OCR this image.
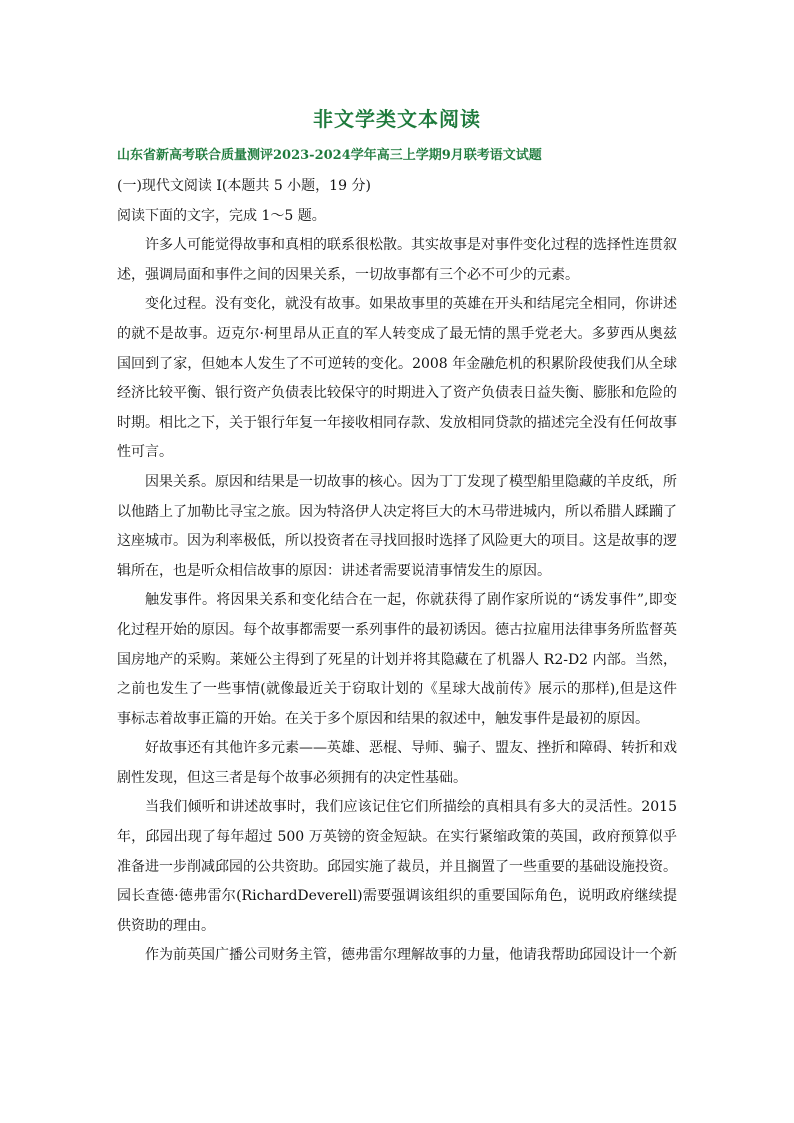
非文学类文本阅读
山东省新高考联合质量测评2023-2024学年高三上学期9月联考语文试题

(一)现代文阅读 I(本题共 5 小题，19 分)

阅读下面的文字，完成 1～5 题。

许多人可能觉得故事和真相的联系很松散。其实故事是对事件变化过程的选择性连贯叙述，强调局面和事件之间的因果关系，一切故事都有三个必不可少的元素。

变化过程。没有变化，就没有故事。如果故事里的英雄在开头和结尾完全相同，你讲述的就不是故事。迈克尔·柯里昂从正直的军人转变成了最无情的黑手党老大。多萝西从奥兹国回到了家，但她本人发生了不可逆转的变化。2008 年金融危机的积累阶段使我们从全球经济比较平衡、银行资产负债表比较保守的时期进入了资产负债表日益失衡、膨胀和危险的时期。相比之下，关于银行年复一年接收相同存款、发放相同贷款的描述完全没有任何故事性可言。

因果关系。原因和结果是一切故事的核心。因为丁丁发现了模型船里隐藏的羊皮纸，所以他踏上了加勒比寻宝之旅。因为特洛伊人决定将巨大的木马带进城内，所以希腊人蹂躏了这座城市。因为利率极低，所以投资者在寻找回报时选择了风险更大的项目。这是故事的逻辑所在，也是听众相信故事的原因：讲述者需要说清事情发生的原因。

触发事件。将因果关系和变化结合在一起，你就获得了剧作家所说的“诱发事件”,即变化过程开始的原因。每个故事都需要一系列事件的最初诱因。德古拉雇用法律事务所监督英国房地产的采购。莱娅公主得到了死星的计划并将其隐藏在了机器人 R2-D2 内部。当然，之前也发生了一些事情(就像最近关于窃取计划的《星球大战前传》展示的那样),但是这件事标志着故事正篇的开始。在关于多个原因和结果的叙述中，触发事件是最初的原因。

好故事还有其他许多元素——英雄、恶棍、导师、骗子、盟友、挫折和障碍、转折和戏剧性发现，但这三者是每个故事必须拥有的决定性基础。

当我们倾听和讲述故事时，我们应该记住它们所描绘的真相具有多大的灵活性。2015 年，邱园出现了每年超过 500 万英镑的资金短缺。在实行紧缩政策的英国，政府预算似乎准备进一步削减邱园的公共资助。邱园实施了裁员，并且搁置了一些重要的基础设施投资。园长查德·德弗雷尔(RichardDeverell)需要强调该组织的重要国际角色，说明政府继续提供资助的理由。

作为前英国广播公司财务主管，德弗雷尔理解故事的力量，他请我帮助邱园设计一个新
